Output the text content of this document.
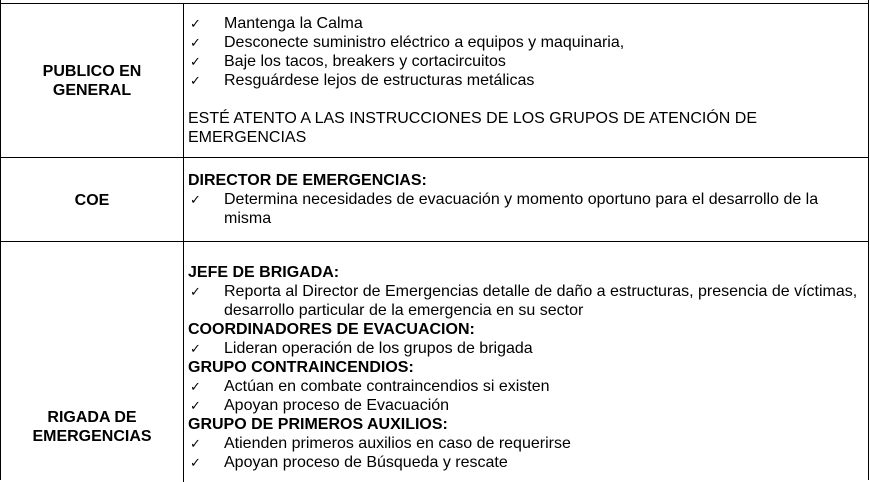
PUBLICO EN
GENERAL
✓ Mantenga la Calma
✓ Desconecte suministro eléctrico a equipos y maquinaria,
✓ Baje los tacos, breakers y cortacircuitos
✓ Resguárdese lejos de estructuras metálicas
ESTÉ ATENTO A LAS INSTRUCCIONES DE LOS GRUPOS DE ATENCIÓN DE EMERGENCIAS
COE
DIRECTOR DE EMERGENCIAS:
✓ Determina necesidades de evacuación y momento oportuno para el desarrollo de la misma
RIGADA DE
EMERGENCIAS
JEFE DE BRIGADA:
✓ Reporta al Director de Emergencias detalle de daño a estructuras, presencia de víctimas, desarrollo particular de la emergencia en su sector
COORDINADORES DE EVACUACION:
✓ Lideran operación de los grupos de brigada
GRUPO CONTRAINCENDIOS:
✓ Actúan en combate contraincendios si existen
✓ Apoyan proceso de Evacuación
GRUPO DE PRIMEROS AUXILIOS:
✓ Atienden primeros auxilios en caso de requerirse
✓ Apoyan proceso de Búsqueda y rescate
